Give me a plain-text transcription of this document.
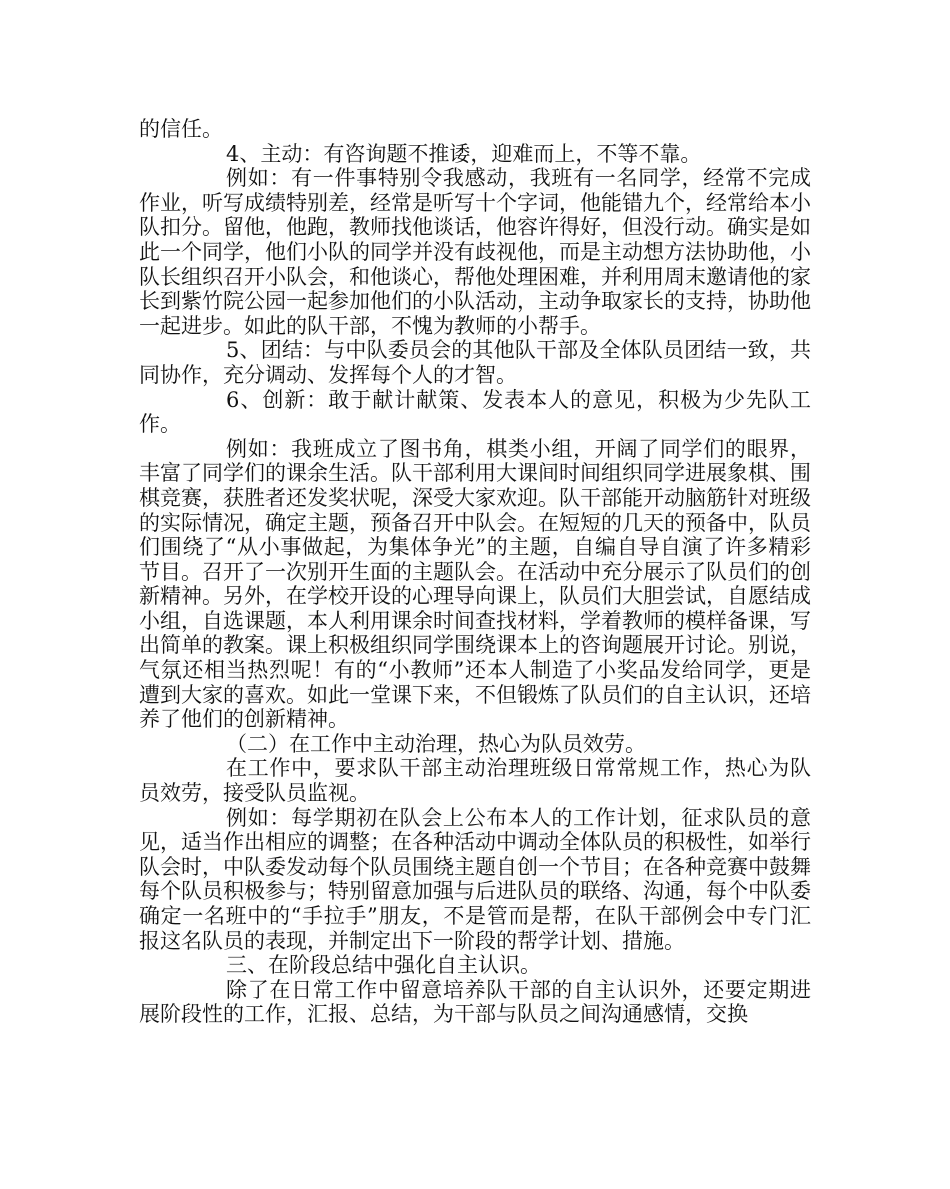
的信任。

4、主动：有咨询题不推诿，迎难而上，不等不靠。

例如：有一件事特别令我感动，我班有一名同学，经常不完成作业，听写成绩特别差，经常是听写十个字词，他能错九个，经常给本小队扣分。留他，他跑，教师找他谈话，他容许得好，但没行动。确实是如此一个同学，他们小队的同学并没有歧视他，而是主动想方法协助他，小队长组织召开小队会，和他谈心，帮他处理困难，并利用周末邀请他的家长到紫竹院公园一起参加他们的小队活动，主动争取家长的支持，协助他一起进步。如此的队干部，不愧为教师的小帮手。

5、团结：与中队委员会的其他队干部及全体队员团结一致，共同协作，充分调动、发挥每个人的才智。

6、创新：敢于献计献策、发表本人的意见，积极为少先队工作。

例如：我班成立了图书角，棋类小组，开阔了同学们的眼界，丰富了同学们的课余生活。队干部利用大课间时间组织同学进展象棋、围棋竞赛，获胜者还发奖状呢，深受大家欢迎。队干部能开动脑筋针对班级的实际情况，确定主题，预备召开中队会。在短短的几天的预备中，队员们围绕了“从小事做起，为集体争光”的主题，自编自导自演了许多精彩节目。召开了一次别开生面的主题队会。在活动中充分展示了队员们的创新精神。另外，在学校开设的心理导向课上，队员们大胆尝试，自愿结成小组，自选课题，本人利用课余时间查找材料，学着教师的模样备课，写出简单的教案。课上积极组织同学围绕课本上的咨询题展开讨论。别说，气氛还相当热烈呢！有的“小教师”还本人制造了小奖品发给同学，更是遭到大家的喜欢。如此一堂课下来，不但锻炼了队员们的自主认识，还培养了他们的创新精神。

（二）在工作中主动治理，热心为队员效劳。

在工作中，要求队干部主动治理班级日常常规工作，热心为队员效劳，接受队员监视。

例如：每学期初在队会上公布本人的工作计划，征求队员的意见，适当作出相应的调整；在各种活动中调动全体队员的积极性，如举行队会时，中队委发动每个队员围绕主题自创一个节目；在各种竞赛中鼓舞每个队员积极参与；特别留意加强与后进队员的联络、沟通，每个中队委确定一名班中的“手拉手”朋友，不是管而是帮，在队干部例会中专门汇报这名队员的表现，并制定出下一阶段的帮学计划、措施。

三、在阶段总结中强化自主认识。

除了在日常工作中留意培养队干部的自主认识外，还要定期进展阶段性的工作，汇报、总结，为干部与队员之间沟通感情，交换
